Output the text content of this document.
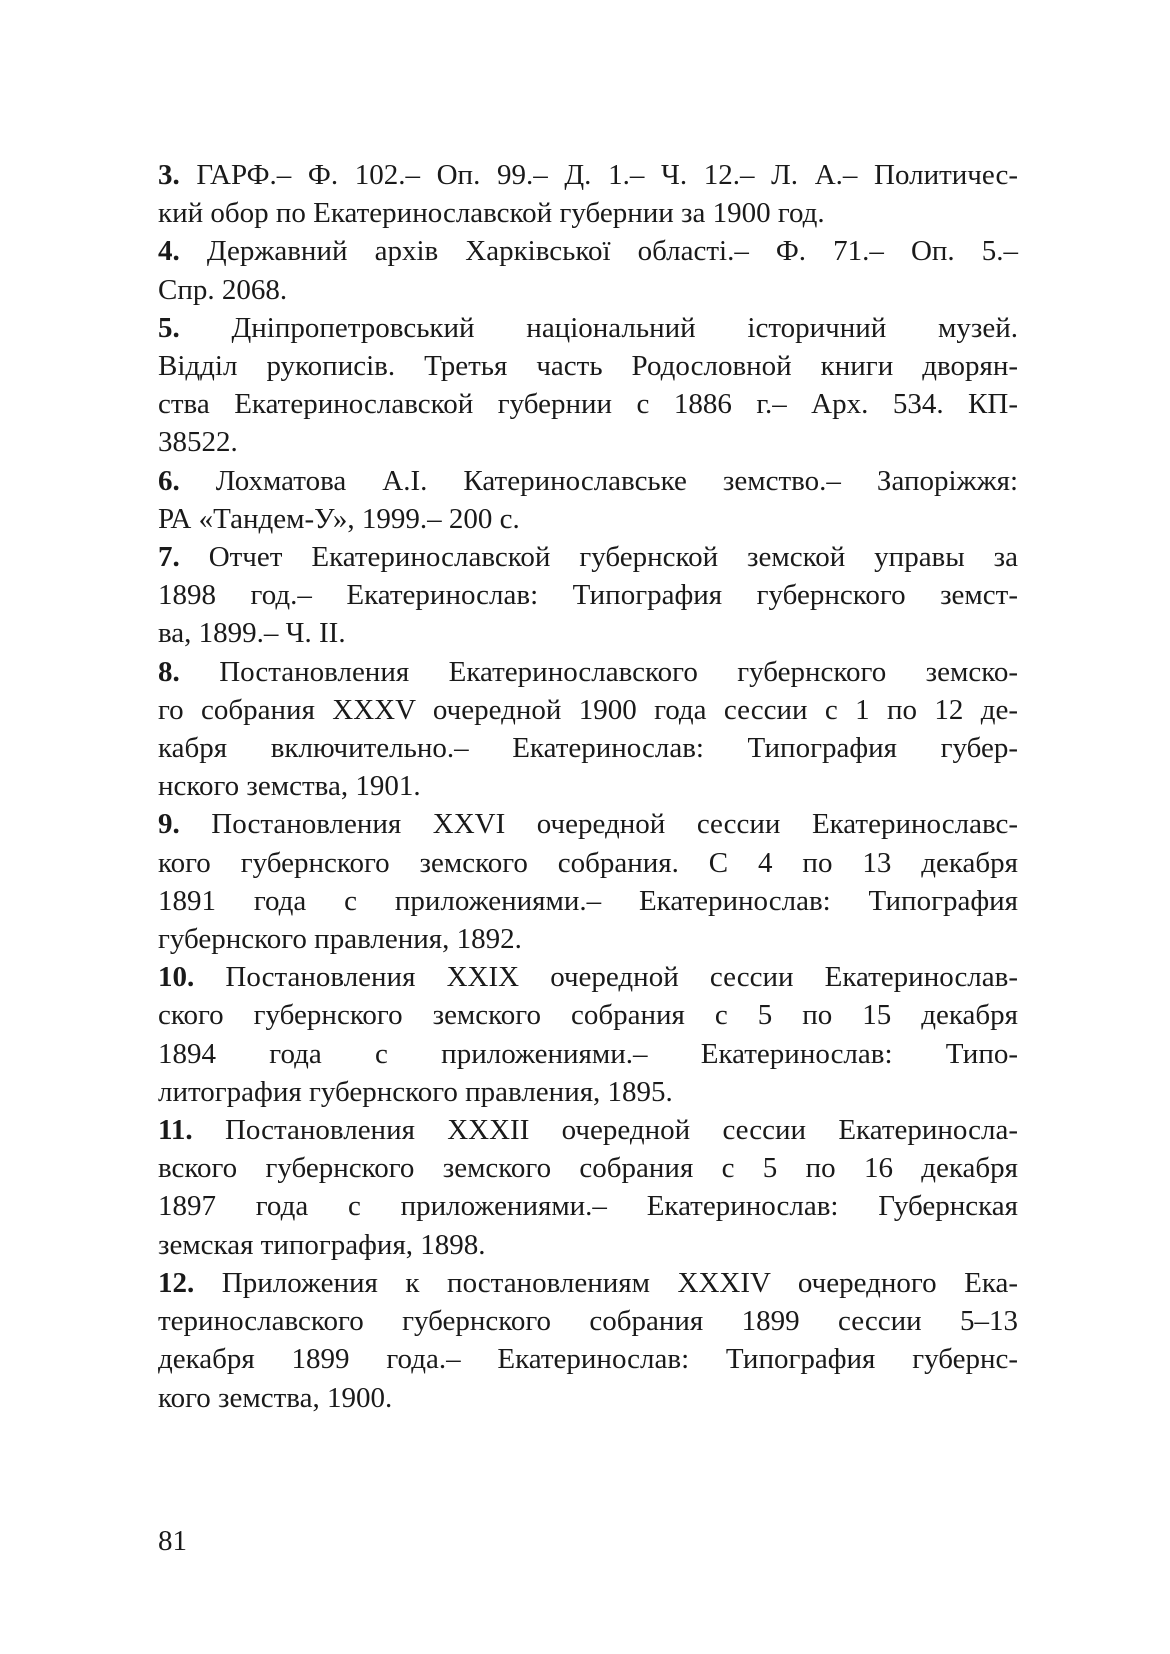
3. ГАРФ.– Ф. 102.– Оп. 99.– Д. 1.– Ч. 12.– Л. А.– Политичес-
кий обор по Екатеринославской губернии за 1900 год.

4. Державний архів Харківської області.– Ф. 71.– Оп. 5.–
Спр. 2068.

5. Дніпропетровський національний історичний музей.
Відділ рукописів. Третья часть Родословной книги дворян-
ства Екатеринославской губернии с 1886 г.– Арх. 534. КП-
38522.

6. Лохматова А.І. Катеринославське земство.– Запоріжжя:
РА «Тандем-У», 1999.– 200 с.

7. Отчет Екатеринославской губернской земской управы за
1898 год.– Екатеринослав: Типография губернского земст-
ва, 1899.– Ч. ІІ.

8. Постановления Екатеринославского губернского земско-
го собрания XXXV очередной 1900 года сессии с 1 по 12 де-
кабря включительно.– Екатеринослав: Типография губер-
нского земства, 1901.

9. Постановления XXVI очередной сессии Екатеринославс-
кого губернского земского собрания. С 4 по 13 декабря
1891 года с приложениями.– Екатеринослав: Типография
губернского правления, 1892.

10. Постановления XXIX очередной сессии Екатеринослав-
ского губернского земского собрания с 5 по 15 декабря
1894 года с приложениями.– Екатеринослав: Типо-
литография губернского правления, 1895.

11. Постановления XXXII очередной сессии Екатериносла-
вского губернского земского собрания с 5 по 16 декабря
1897 года с приложениями.– Екатеринослав: Губернская
земская типография, 1898.

12. Приложения к постановлениям XXXIV очередного Ека-
теринославского губернского собрания 1899 сессии 5–13
декабря 1899 года.– Екатеринослав: Типография губернс-
кого земства, 1900.

81
